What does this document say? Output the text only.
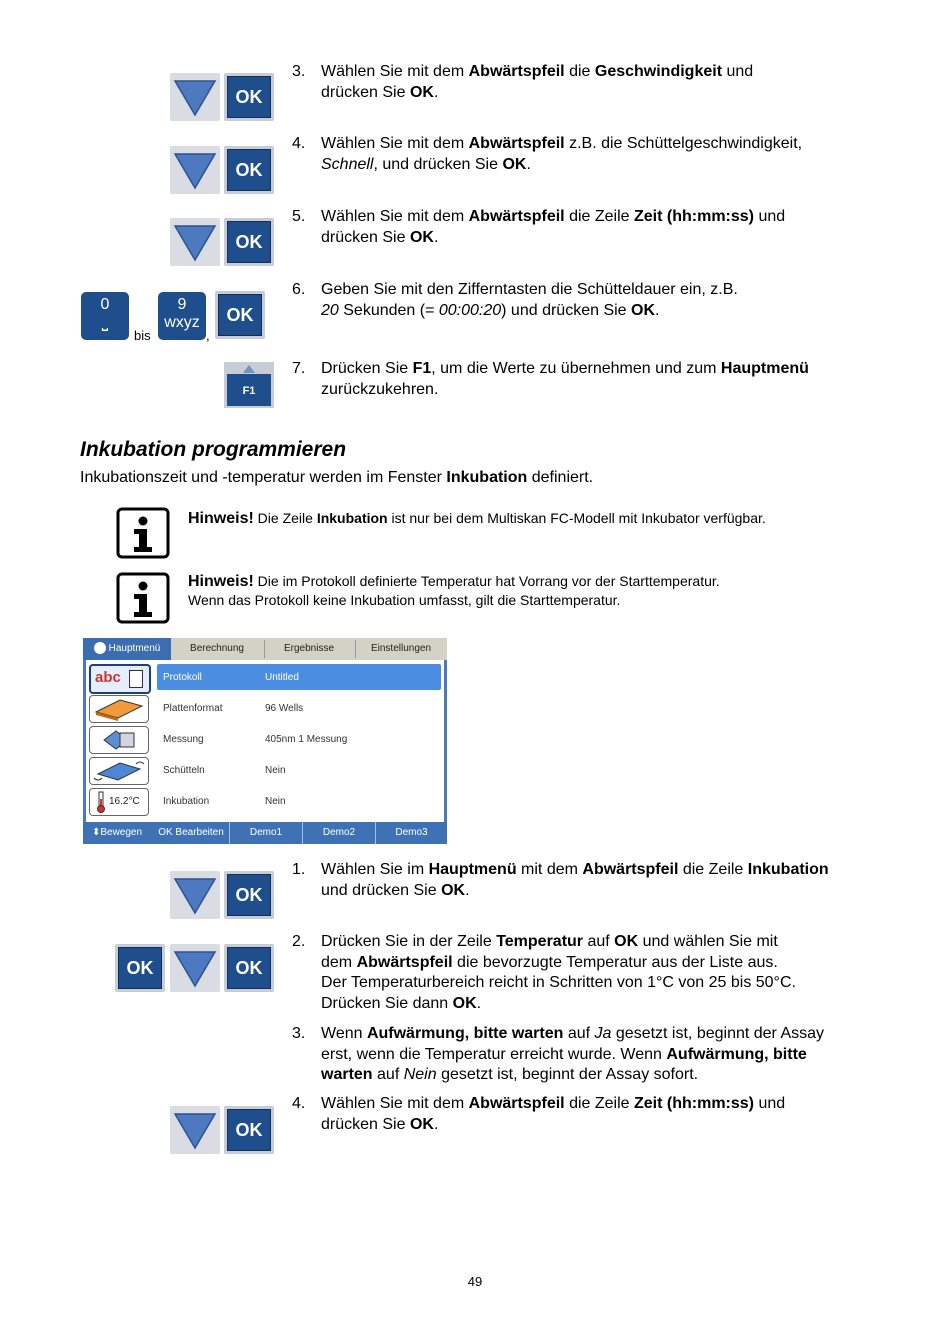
OK
OK
OK
0
⎵
bis
9
wxyz
,
OK
F1
3. Wählen Sie mit dem Abwärtspfeil die Geschwindigkeit und
drücken Sie OK.
4. Wählen Sie mit dem Abwärtspfeil z.B. die Schüttelgeschwindigkeit,
Schnell, und drücken Sie OK.
5. Wählen Sie mit dem Abwärtspfeil die Zeile Zeit (hh:mm:ss) und
drücken Sie OK.
6. Geben Sie mit den Zifferntasten die Schütteldauer ein, z.B.
20 Sekunden (= 00:00:20) und drücken Sie OK.
7. Drücken Sie F1, um die Werte zu übernehmen und zum Hauptmenü
zurückzukehren.
Inkubation programmieren
Inkubationszeit und -temperatur werden im Fenster Inkubation definiert.
Hinweis! Die Zeile Inkubation ist nur bei dem Multiskan FC-Modell mit Inkubator verfügbar.
Hinweis! Die im Protokoll definierte Temperatur hat Vorrang vor der Starttemperatur.
Wenn das Protokoll keine Inkubation umfasst, gilt die Starttemperatur.
Hauptmenü	Berechnung	Ergebnisse	Einstellungen
abc	Protokoll	Untitled
Plattenformat	96 Wells
Messung	405nm 1 Messung
Schütteln	Nein
16.2°C Inkubation	Nein
⬍Bewegen	OK Bearbeiten	Demo1	Demo2	Demo3
OK
OK	OK
OK
1. Wählen Sie im Hauptmenü mit dem Abwärtspfeil die Zeile Inkubation
und drücken Sie OK.
2. Drücken Sie in der Zeile Temperatur auf OK und wählen Sie mit
dem Abwärtspfeil die bevorzugte Temperatur aus der Liste aus.
Der Temperaturbereich reicht in Schritten von 1°C von 25 bis 50°C.
Drücken Sie dann OK.
3. Wenn Aufwärmung, bitte warten auf Ja gesetzt ist, beginnt der Assay
erst, wenn die Temperatur erreicht wurde. Wenn Aufwärmung, bitte
warten auf Nein gesetzt ist, beginnt der Assay sofort.
4. Wählen Sie mit dem Abwärtspfeil die Zeile Zeit (hh:mm:ss) und
drücken Sie OK.
49
